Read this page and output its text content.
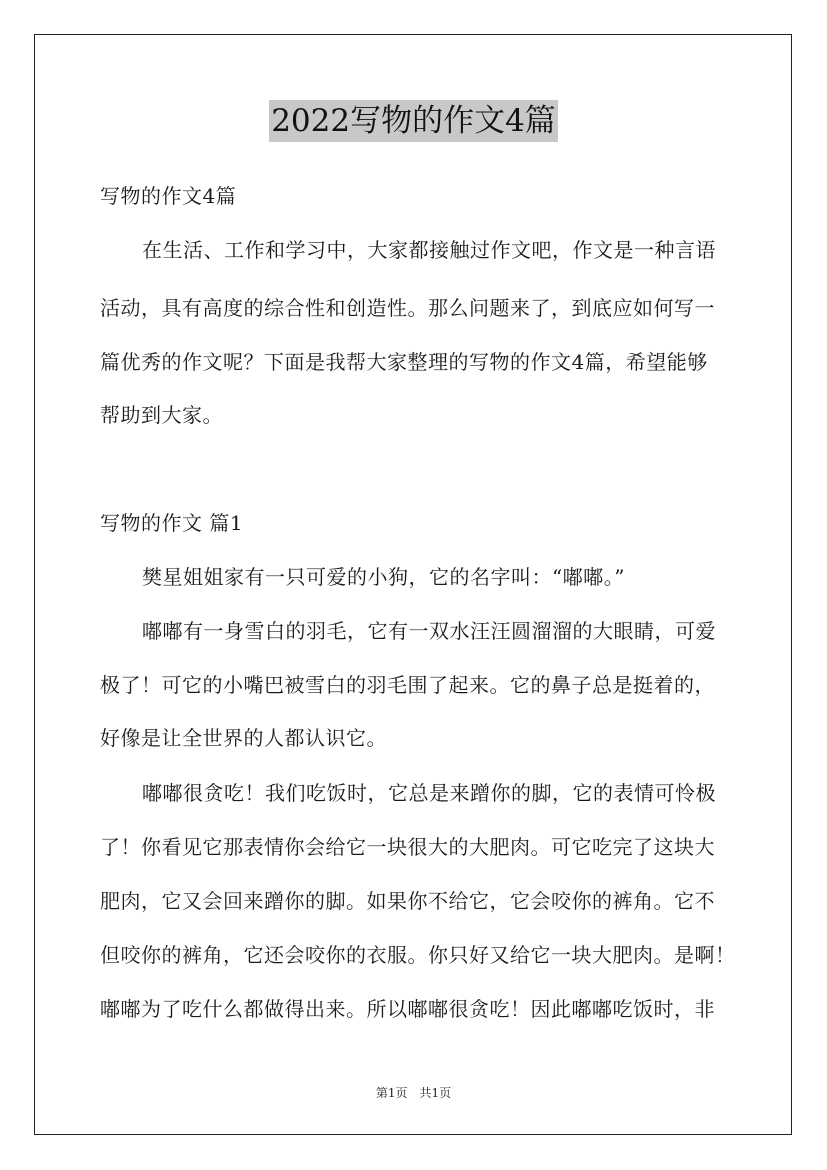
2022写物的作文4篇
写物的作文4篇
在生活、工作和学习中，大家都接触过作文吧，作文是一种言语
活动，具有高度的综合性和创造性。那么问题来了，到底应如何写一
篇优秀的作文呢？下面是我帮大家整理的写物的作文4篇，希望能够
帮助到大家。
写物的作文 篇1
樊星姐姐家有一只可爱的小狗，它的名字叫：“嘟嘟。”
嘟嘟有一身雪白的羽毛，它有一双水汪汪圆溜溜的大眼睛，可爱
极了！可它的小嘴巴被雪白的羽毛围了起来。它的鼻子总是挺着的，
好像是让全世界的人都认识它。
嘟嘟很贪吃！我们吃饭时，它总是来蹭你的脚，它的表情可怜极
了！你看见它那表情你会给它一块很大的大肥肉。可它吃完了这块大
肥肉，它又会回来蹭你的脚。如果你不给它，它会咬你的裤角。它不
但咬你的裤角，它还会咬你的衣服。你只好又给它一块大肥肉。是啊！
嘟嘟为了吃什么都做得出来。所以嘟嘟很贪吃！因此嘟嘟吃饭时，非
第1页　共1页
